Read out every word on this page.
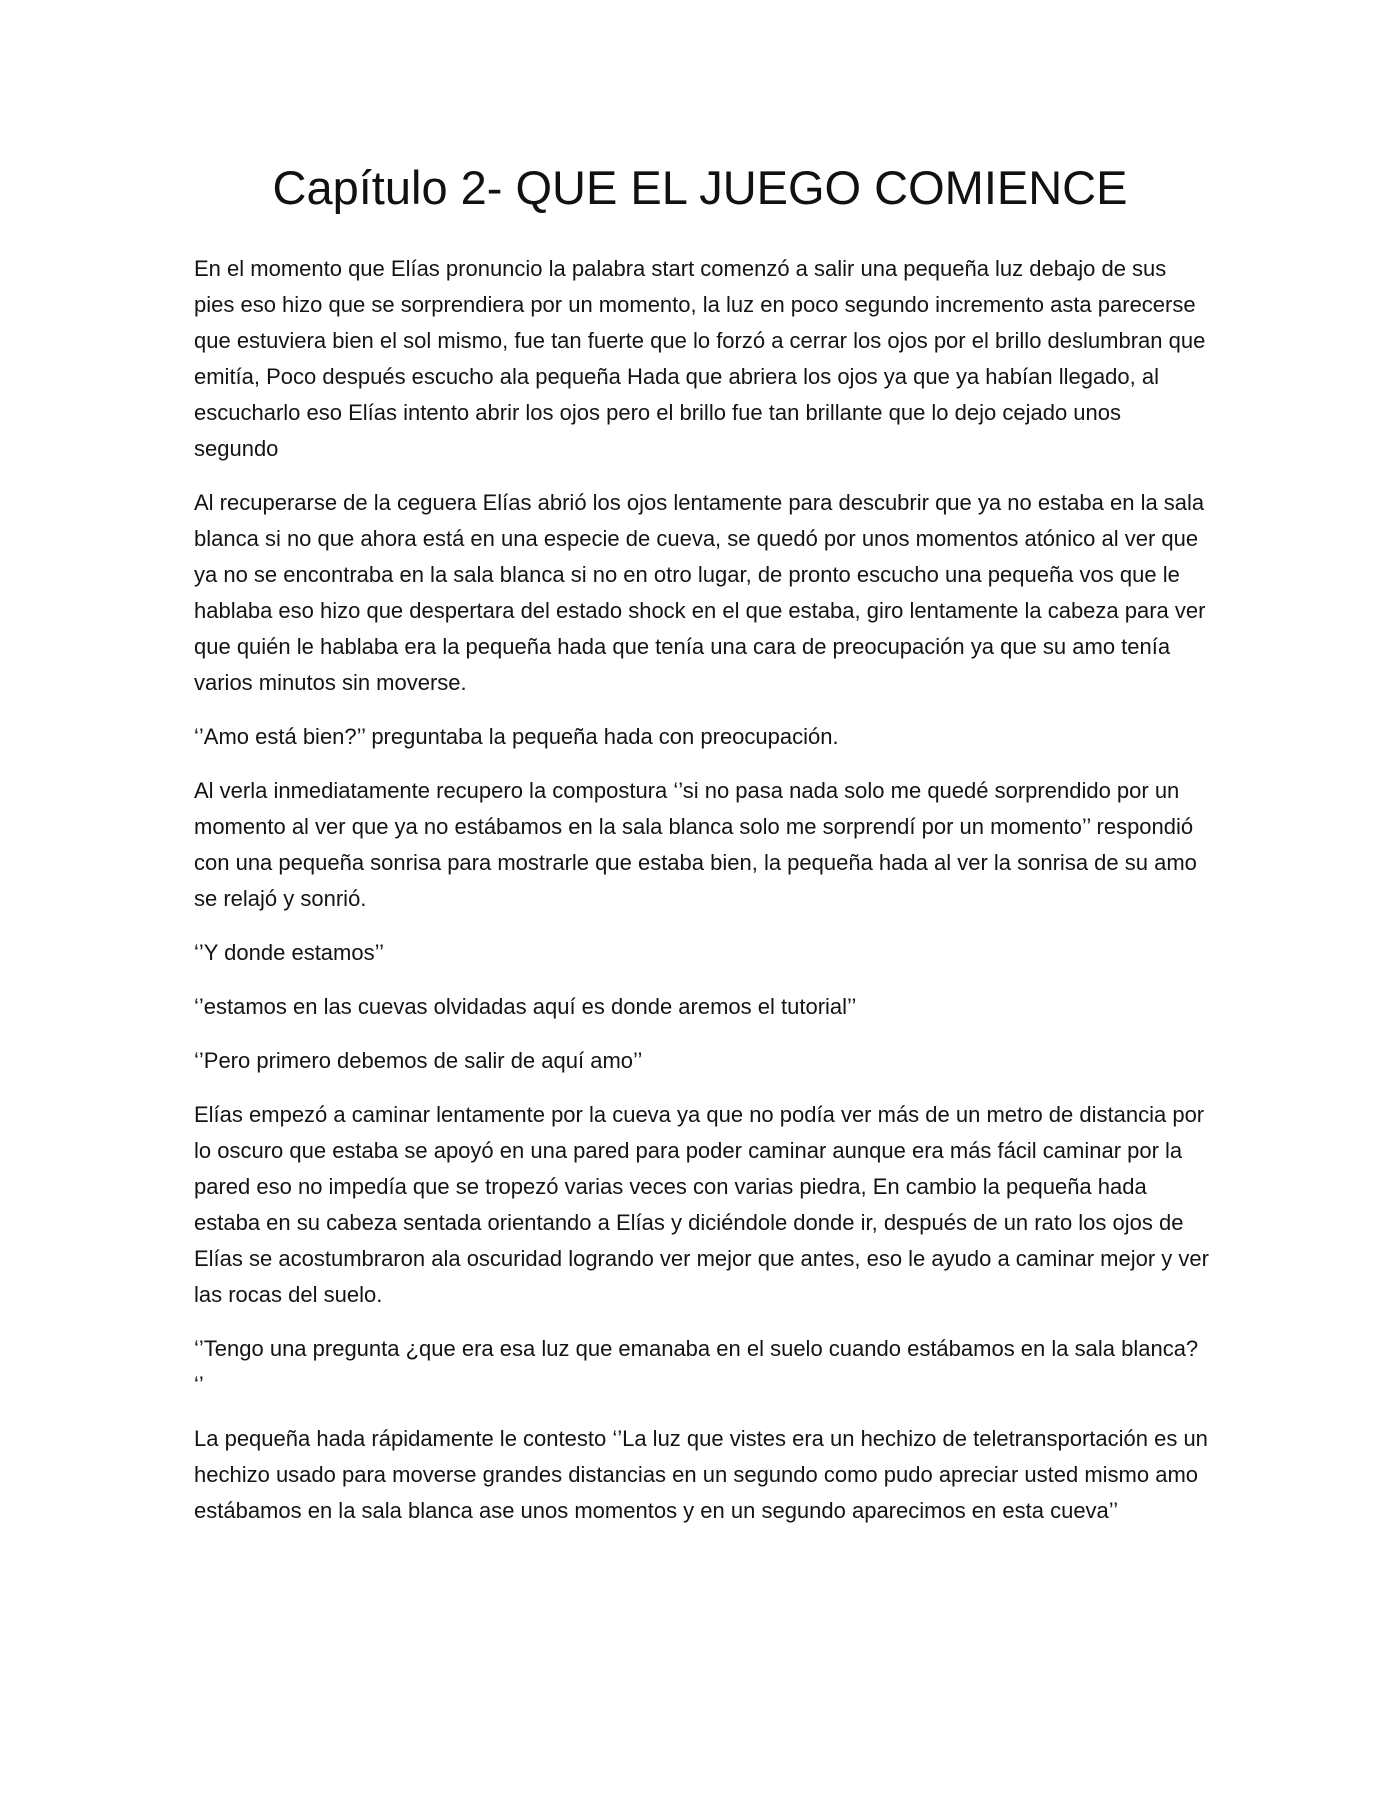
Capítulo 2- QUE EL JUEGO COMIENCE

En el momento que Elías pronuncio la palabra start comenzó a salir una pequeña luz debajo de sus pies eso hizo que se sorprendiera por un momento, la luz en poco segundo incremento asta parecerse que estuviera bien el sol mismo, fue tan fuerte que lo forzó a cerrar los ojos por el brillo deslumbran que emitía, Poco después escucho ala pequeña Hada que abriera los ojos ya que ya habían llegado, al escucharlo eso Elías intento abrir los ojos pero el brillo fue tan brillante que lo dejo cejado unos segundo

Al recuperarse de la ceguera Elías abrió los ojos lentamente para descubrir que ya no estaba en la sala blanca si no que ahora está en una especie de cueva, se quedó por unos momentos atónico al ver que ya no se encontraba en la sala blanca si no en otro lugar, de pronto escucho una pequeña vos que le hablaba eso hizo que despertara del estado shock en el que estaba, giro lentamente la cabeza para ver que quién le hablaba era la pequeña hada que tenía una cara de preocupación ya que su amo tenía varios minutos sin moverse.

‘’Amo está bien?’’ preguntaba la pequeña hada con preocupación.

Al verla inmediatamente recupero la compostura ‘’si no pasa nada solo me quedé sorprendido por un momento al ver que ya no estábamos en la sala blanca solo me sorprendí por un momento’’ respondió con una pequeña sonrisa para mostrarle que estaba bien, la pequeña hada al ver la sonrisa de su amo se relajó y sonrió.

‘’Y donde estamos’’

‘’estamos en las cuevas olvidadas aquí es donde aremos el tutorial’’

‘’Pero primero debemos de salir de aquí amo’’

Elías empezó a caminar lentamente por la cueva ya que no podía ver más de un metro de distancia por lo oscuro que estaba se apoyó en una pared para poder caminar aunque era más fácil caminar por la pared eso no impedía que se tropezó varias veces con varias piedra, En cambio la pequeña hada estaba en su cabeza sentada orientando a Elías y diciéndole donde ir, después de un rato los ojos de Elías se acostumbraron ala oscuridad logrando ver mejor que antes, eso le ayudo a caminar mejor y ver las rocas del suelo.

‘’Tengo una pregunta ¿que era esa luz que emanaba en el suelo cuando estábamos en la sala blanca? ‘’

La pequeña hada rápidamente le contesto ‘’La luz que vistes era un hechizo de teletransportación es un hechizo usado para moverse grandes distancias en un segundo como pudo apreciar usted mismo amo estábamos en la sala blanca ase unos momentos y en un segundo aparecimos en esta cueva’’
